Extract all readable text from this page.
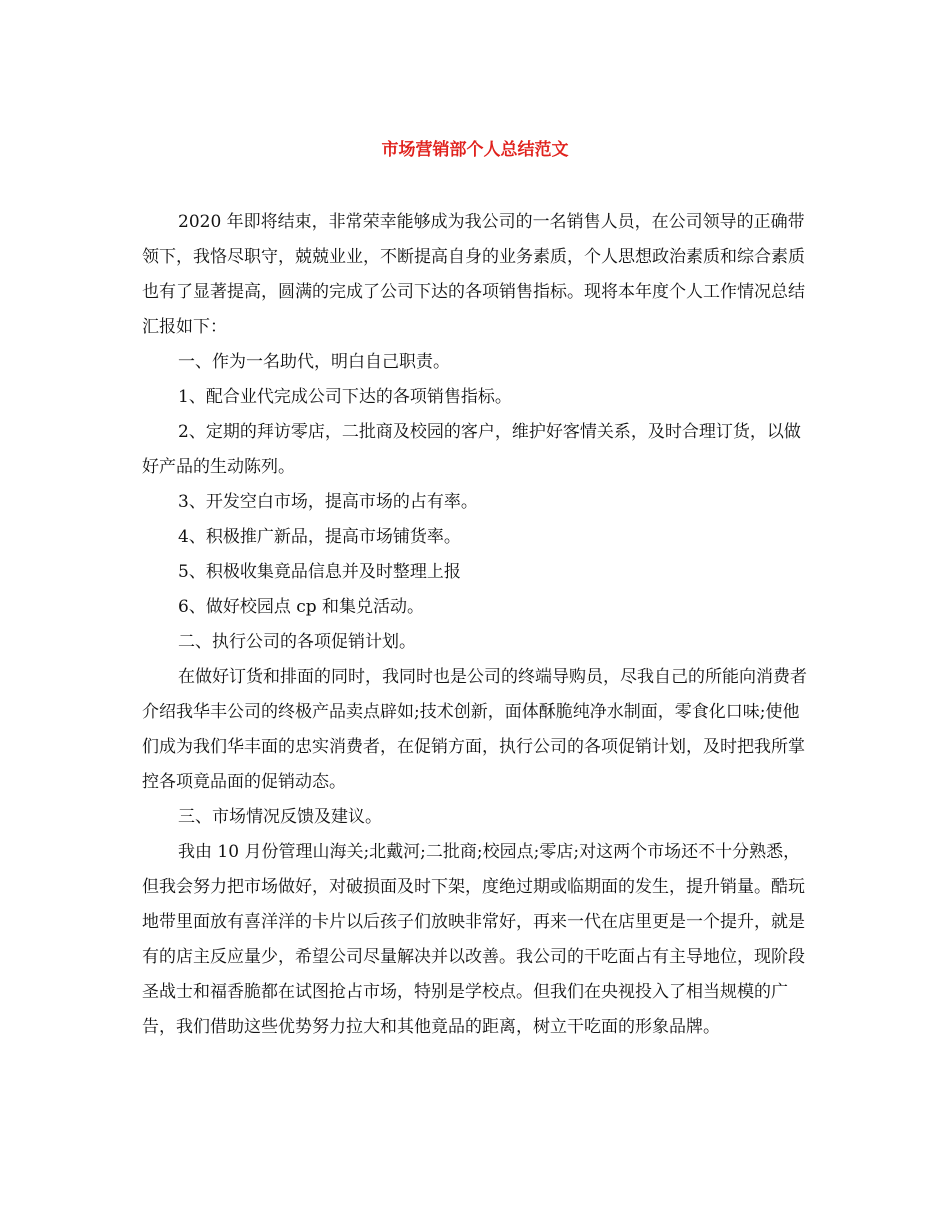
市场营销部个人总结范文

2020 年即将结束，非常荣幸能够成为我公司的一名销售人员，在公司领导的正确带领下，我恪尽职守，兢兢业业，不断提高自身的业务素质，个人思想政治素质和综合素质也有了显著提高，圆满的完成了公司下达的各项销售指标。现将本年度个人工作情况总结汇报如下：

一、作为一名助代，明白自己职责。

1、配合业代完成公司下达的各项销售指标。

2、定期的拜访零店，二批商及校园的客户，维护好客情关系，及时合理订货，以做好产品的生动陈列。

3、开发空白市场，提高市场的占有率。

4、积极推广新品，提高市场铺货率。

5、积极收集竟品信息并及时整理上报

6、做好校园点 cp 和集兑活动。

二、执行公司的各项促销计划。

在做好订货和排面的同时，我同时也是公司的终端导购员，尽我自己的所能向消费者介绍我华丰公司的终极产品卖点辟如;技术创新，面体酥脆纯净水制面，零食化口味;使他们成为我们华丰面的忠实消费者，在促销方面，执行公司的各项促销计划，及时把我所掌控各项竟品面的促销动态。

三、市场情况反馈及建议。

我由 10 月份管理山海关;北戴河;二批商;校园点;零店;对这两个市场还不十分熟悉，但我会努力把市场做好，对破损面及时下架，度绝过期或临期面的发生，提升销量。酷玩地带里面放有喜洋洋的卡片以后孩子们放映非常好，再来一代在店里更是一个提升，就是有的店主反应量少，希望公司尽量解决并以改善。我公司的干吃面占有主导地位，现阶段圣战士和福香脆都在试图抢占市场，特别是学校点。但我们在央视投入了相当规模的广告，我们借助这些优势努力拉大和其他竟品的距离，树立干吃面的形象品牌。
